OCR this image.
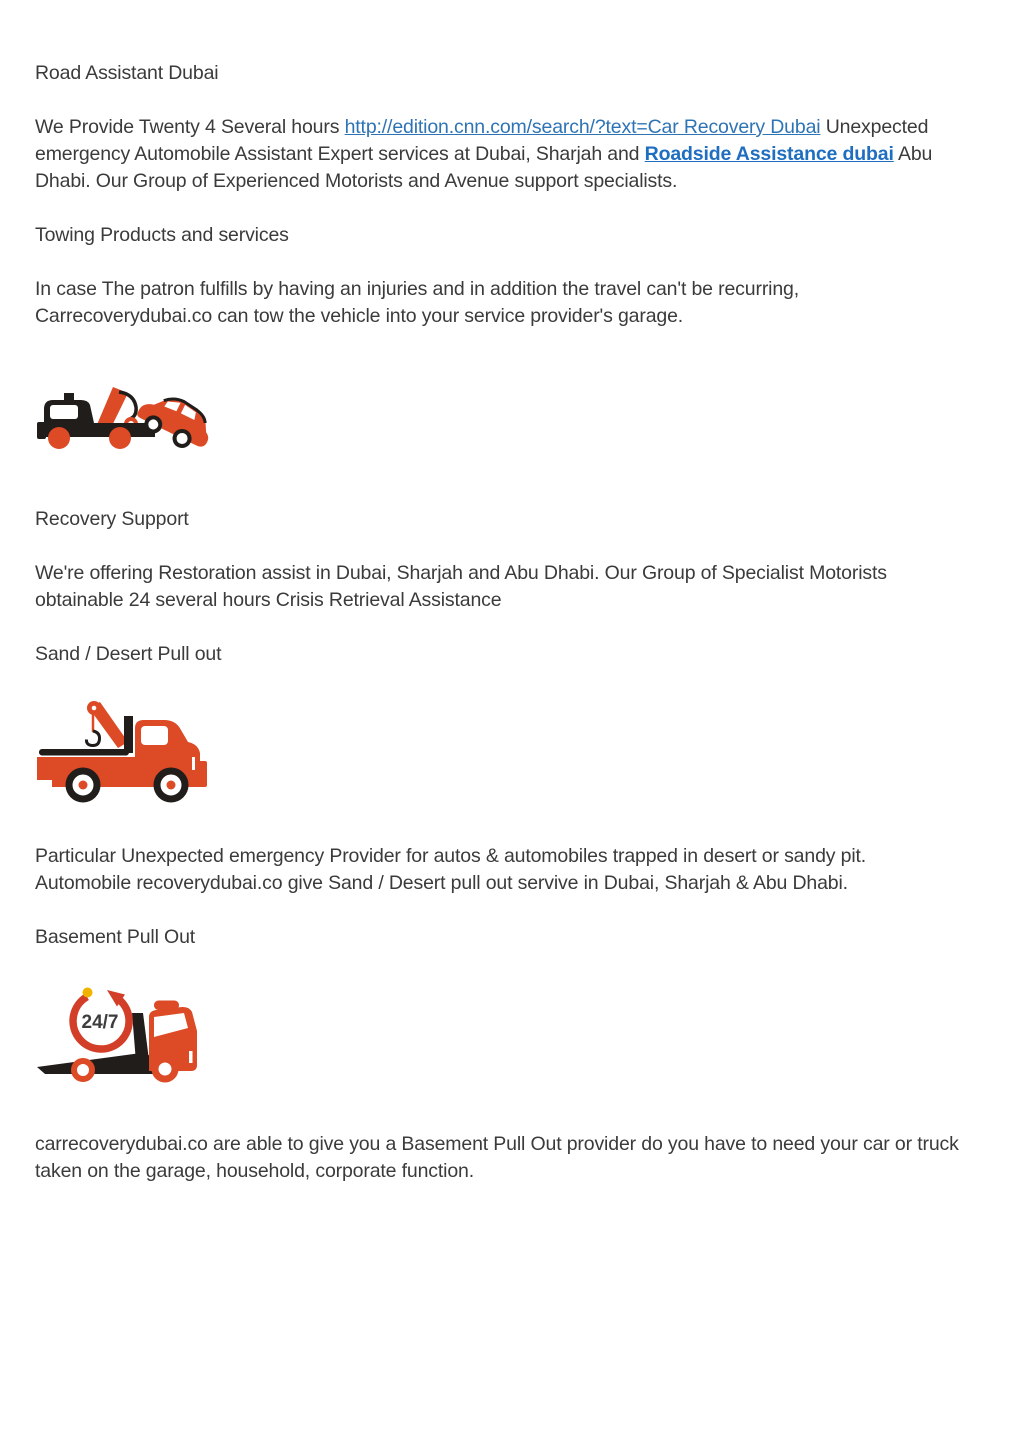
Road Assistant Dubai

We Provide Twenty 4 Several hours http://edition.cnn.com/search/?text=Car Recovery Dubai Unexpected emergency Automobile Assistant Expert services at Dubai, Sharjah and Roadside Assistance dubai Abu Dhabi. Our Group of Experienced Motorists and Avenue support specialists.

Towing Products and services

In case The patron fulfills by having an injuries and in addition the travel can't be recurring, Carrecoverydubai.co can tow the vehicle into your service provider's garage.

Recovery Support

We're offering Restoration assist in Dubai, Sharjah and Abu Dhabi. Our Group of Specialist Motorists obtainable 24 several hours Crisis Retrieval Assistance

Sand / Desert Pull out

Particular Unexpected emergency Provider for autos & automobiles trapped in desert or sandy pit. Automobile recoverydubai.co give Sand / Desert pull out servive in Dubai, Sharjah & Abu Dhabi.

Basement Pull Out

24/7

carrecoverydubai.co are able to give you a Basement Pull Out provider do you have to need your car or truck taken on the garage, household, corporate function.
